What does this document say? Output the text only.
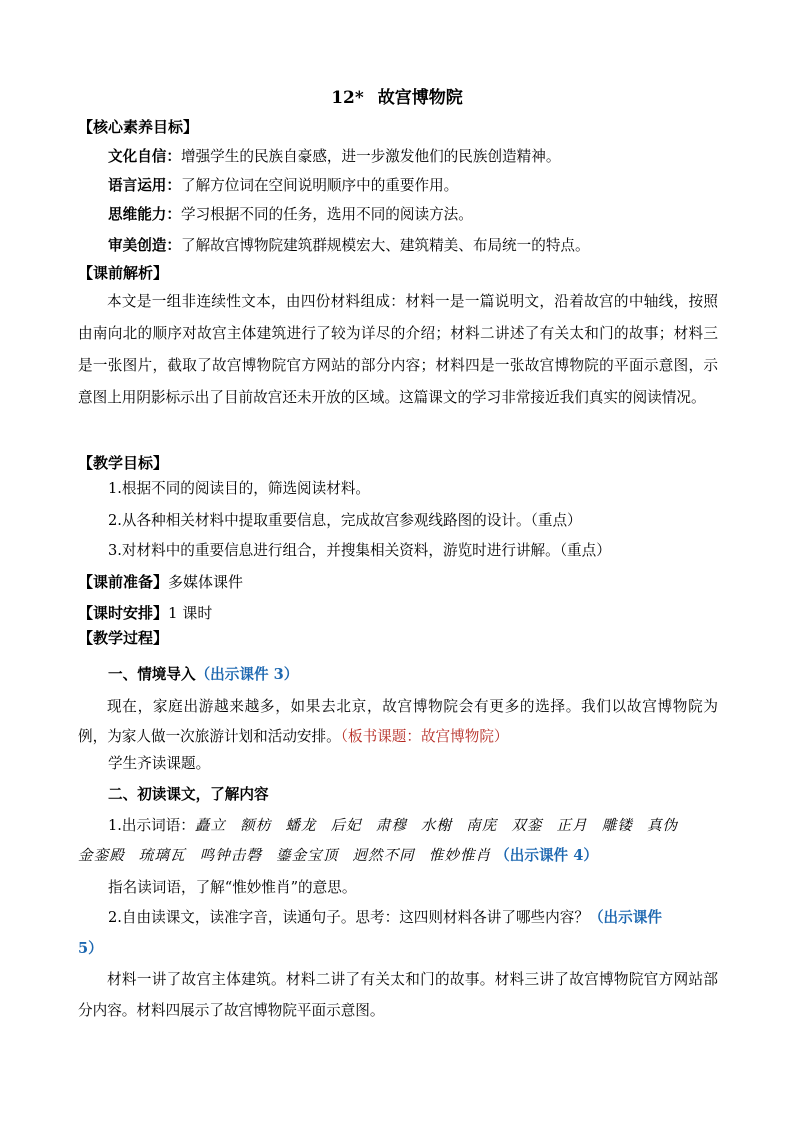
12* 故宫博物院
【核心素养目标】
文化自信：增强学生的民族自豪感，进一步激发他们的民族创造精神。
语言运用：了解方位词在空间说明顺序中的重要作用。
思维能力：学习根据不同的任务，选用不同的阅读方法。
审美创造：了解故宫博物院建筑群规模宏大、建筑精美、布局统一的特点。
【课前解析】
本文是一组非连续性文本，由四份材料组成：材料一是一篇说明文，沿着故宫的中轴线，按照由南向北的顺序对故宫主体建筑进行了较为详尽的介绍；材料二讲述了有关太和门的故事；材料三是一张图片，截取了故宫博物院官方网站的部分内容；材料四是一张故宫博物院的平面示意图，示意图上用阴影标示出了目前故宫还未开放的区域。这篇课文的学习非常接近我们真实的阅读情况。
【教学目标】
1.根据不同的阅读目的，筛选阅读材料。
2.从各种相关材料中提取重要信息，完成故宫参观线路图的设计。（重点）
3.对材料中的重要信息进行组合，并搜集相关资料，游览时进行讲解。（重点）
【课前准备】多媒体课件
【课时安排】1 课时
【教学过程】
一、情境导入（出示课件 3）
现在，家庭出游越来越多，如果去北京，故宫博物院会有更多的选择。我们以故宫博物院为例，为家人做一次旅游计划和活动安排。（板书课题：故宫博物院）
学生齐读课题。
二、初读课文，了解内容
1.出示词语：矗立 额枋 蟠龙 后妃 肃穆 水榭 南庑 双銮 正月 雕镂 真伪
金銮殿 琉璃瓦 鸣钟击磬 鎏金宝顶 迥然不同 惟妙惟肖 （出示课件 4）
指名读词语，了解“惟妙惟肖”的意思。
2.自由读课文，读准字音，读通句子。思考：这四则材料各讲了哪些内容？（出示课件
5）
材料一讲了故宫主体建筑。材料二讲了有关太和门的故事。材料三讲了故宫博物院官方网站部分内容。材料四展示了故宫博物院平面示意图。
